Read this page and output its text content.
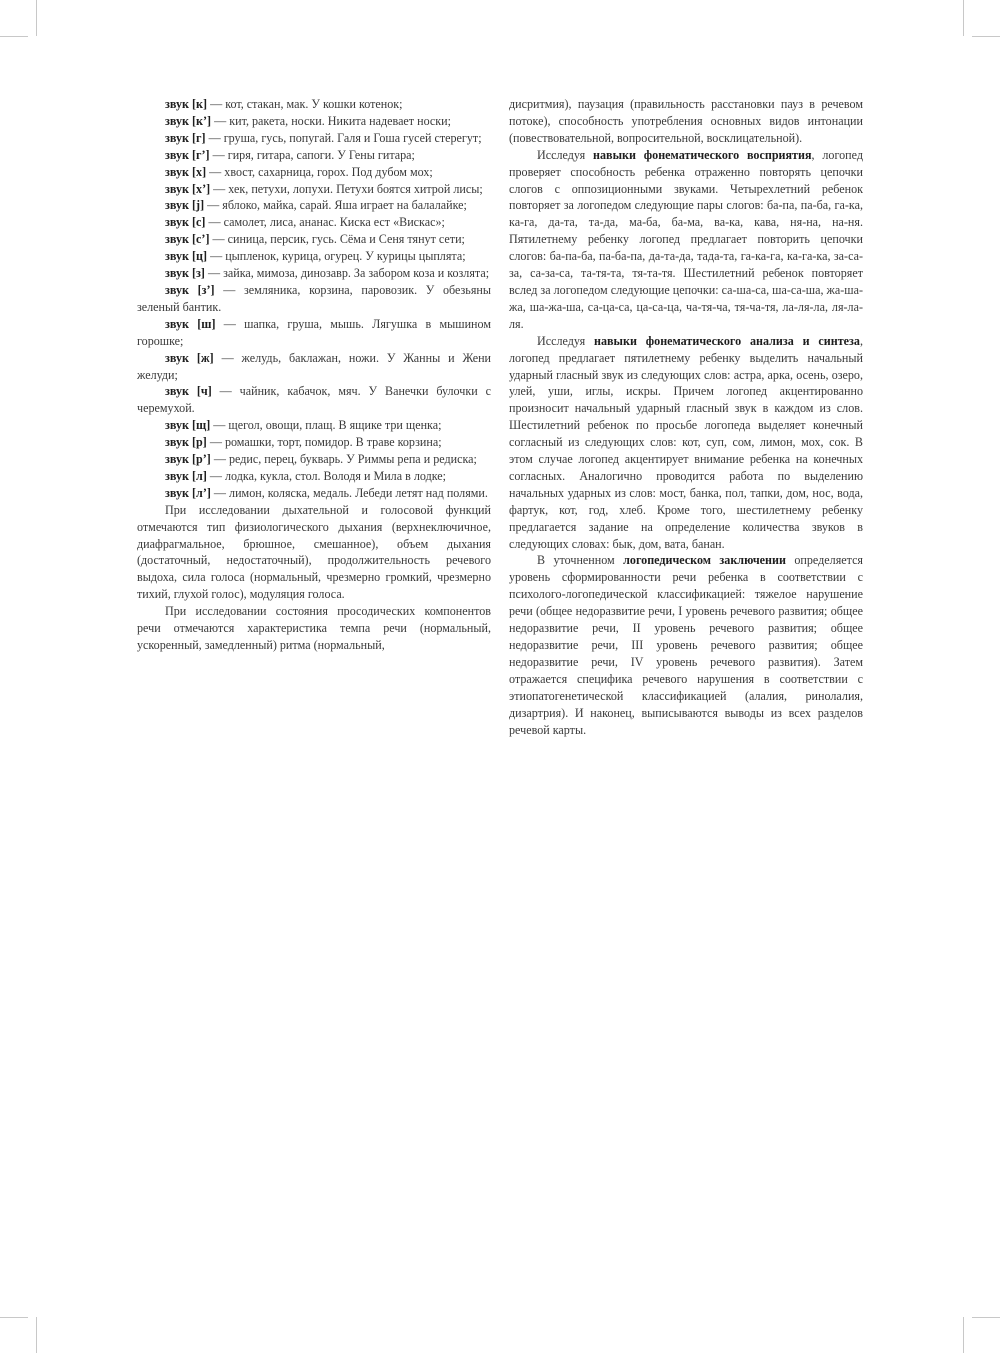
звук [к] — кот, стакан, мак. У кошки котенок;

звук [к’] — кит, ракета, носки. Никита надевает носки;

звук [г] — груша, гусь, попугай. Галя и Гоша гусей стерегут;

звук [г’] — гиря, гитара, сапоги. У Гены гитара;

звук [х] — хвост, сахарница, горох. Под дубом мох;

звук [х’] — хек, петухи, лопухи. Петухи боятся хитрой лисы;

звук [j] — яблоко, майка, сарай. Яша играет на балалайке;

звук [с] — самолет, лиса, ананас. Киска ест «Вискас»;

звук [с’] — синица, персик, гусь. Сёма и Сеня тянут сети;

звук [ц] — цыпленок, курица, огурец. У курицы цыплята;

звук [з] — зайка, мимоза, динозавр. За забором коза и козлята;

звук [з’] — земляника, корзина, паровозик. У обезьяны зеленый бантик.

звук [ш] — шапка, груша, мышь. Лягушка в мышином горошке;

звук [ж] — желудь, баклажан, ножи. У Жанны и Жени желуди;

звук [ч] — чайник, кабачок, мяч. У Ванечки булочки с черемухой.

звук [щ] — щегол, овощи, плащ. В ящике три щенка;

звук [р] — ромашки, торт, помидор. В траве корзина;

звук [р’] — редис, перец, букварь. У Риммы репа и редиска;

звук [л] — лодка, кукла, стол. Володя и Мила в лодке;

звук [л’] — лимон, коляска, медаль. Лебеди летят над полями.

При исследовании дыхательной и голосовой функций отмечаются тип физиологического дыхания (верхнеключичное, диафрагмальное, брюшное, смешанное), объем дыхания (достаточный, недостаточный), продолжительность речевого выдоха, сила голоса (нормальный, чрезмерно громкий, чрезмерно тихий, глухой голос), модуляция голоса.

При исследовании состояния просодических компонентов речи отмечаются характеристика темпа речи (нормальный, ускоренный, замедленный) ритма (нормальный,

дисритмия), паузация (правильность расстановки пауз в речевом потоке), способность употребления основных видов интонации (повествовательной, вопросительной, восклицательной).

Исследуя навыки фонематического восприятия, логопед проверяет способность ребенка отраженно повторять цепочки слогов с оппозиционными звуками. Четырехлетний ребенок повторяет за логопедом следующие пары слогов: ба-па, па-ба, га-ка, ка-га, да-та, та-да, ма-ба, ба-ма, ва-ка, кава, ня-на, на-ня. Пятилетнему ребенку логопед предлагает повторить цепочки слогов: ба-па-ба, па-ба-па, да-та-да, тада-та, га-ка-га, ка-га-ка, за-са-за, са-за-са, та-тя-та, тя-та-тя. Шестилетний ребенок повторяет вслед за логопедом следующие цепочки: са-ша-са, ша-са-ша, жа-ша-жа, ша-жа-ша, са-ца-са, ца-са-ца, ча-тя-ча, тя-ча-тя, ла-ля-ла, ля-ла-ля.

Исследуя навыки фонематического анализа и синтеза, логопед предлагает пятилетнему ребенку выделить начальный ударный гласный звук из следующих слов: астра, арка, осень, озеро, улей, уши, иглы, искры. Причем логопед акцентированно произносит начальный ударный гласный звук в каждом из слов. Шестилетний ребенок по просьбе логопеда выделяет конечный согласный из следующих слов: кот, суп, сом, лимон, мох, сок. В этом случае логопед акцентирует внимание ребенка на конечных согласных. Аналогично проводится работа по выделению начальных ударных из слов: мост, банка, пол, тапки, дом, нос, вода, фартук, кот, год, хлеб. Кроме того, шестилетнему ребенку предлагается задание на определение количества звуков в следующих словах: бык, дом, вата, банан.

В уточненном логопедическом заключении определяется уровень сформированности речи ребенка в соответствии с психолого-логопедической классификацией: тяжелое нарушение речи (общее недоразвитие речи, I уровень речевого развития; общее недоразвитие речи, II уровень речевого развития; общее недоразвитие речи, III уровень речевого развития; общее недоразвитие речи, IV уровень речевого развития). Затем отражается специфика речевого нарушения в соответствии с этиопатогенетической классификацией (алалия, ринолалия, дизартрия). И наконец, выписываются выводы из всех разделов речевой карты.
